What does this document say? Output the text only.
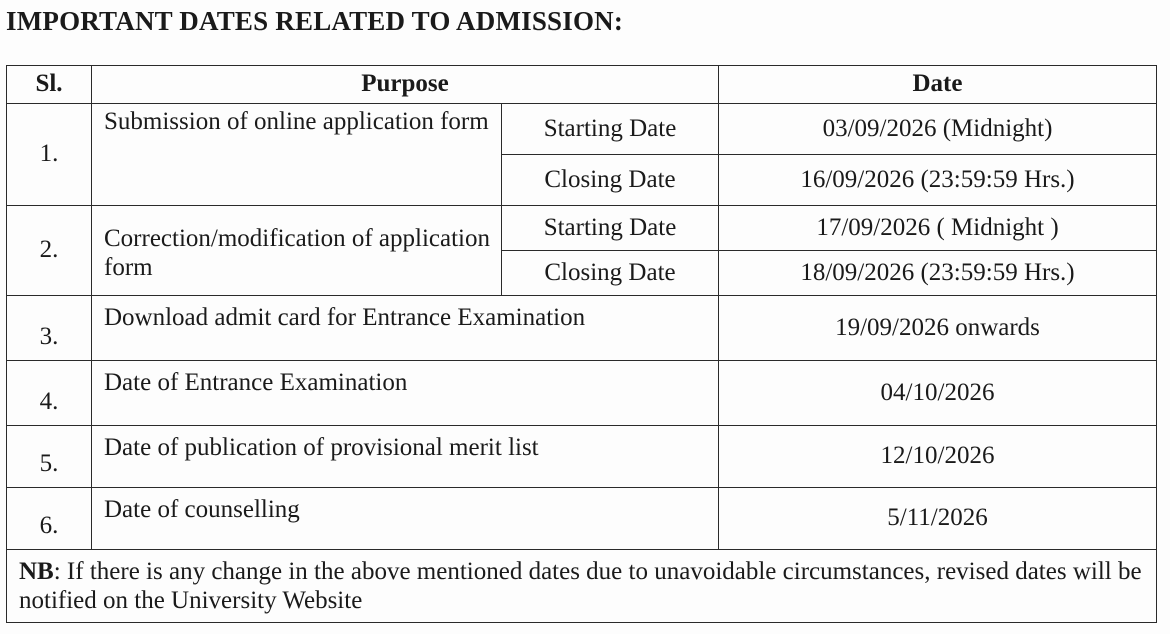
IMPORTANT DATES RELATED TO ADMISSION:
Sl.	Purpose		Date
1.	Submission of online application form	Starting Date	03/09/2026 (Midnight)
		Closing Date	16/09/2026 (23:59:59 Hrs.)
2.	Correction/modification of application form	Starting Date	17/09/2026 ( Midnight )
		Closing Date	18/09/2026 (23:59:59 Hrs.)
3.	Download admit card for Entrance Examination		19/09/2026 onwards
4.	Date of Entrance Examination		04/10/2026
5.	Date of publication of provisional merit list		12/10/2026
6.	Date of counselling		5/11/2026
NB: If there is any change in the above mentioned dates due to unavoidable circumstances, revised dates will be notified on the University Website			
